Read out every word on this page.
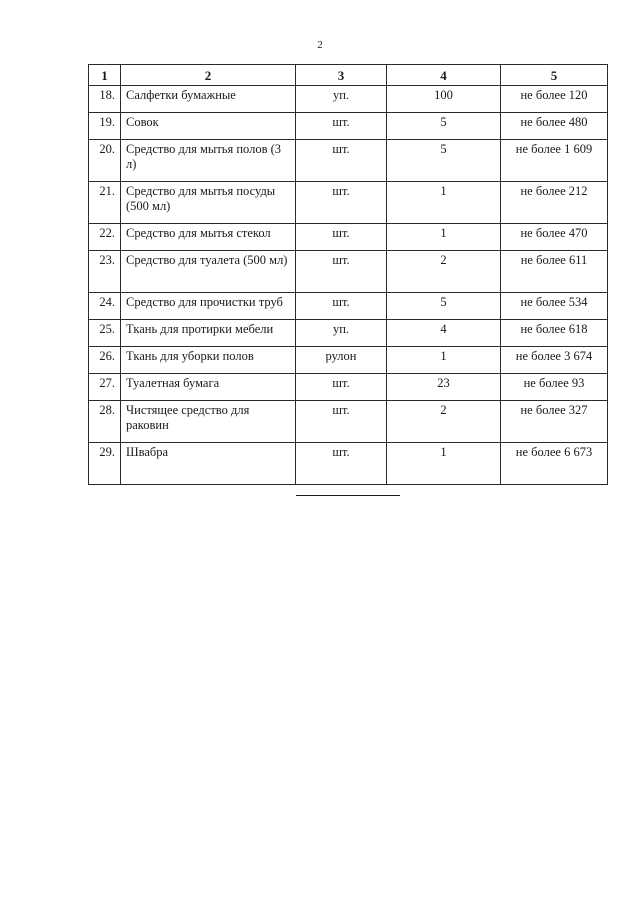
2
1	2	3	4	5
18.	Салфетки бумажные	уп.	100	не более 120
19.	Совок	шт.	5	не более 480
20.	Средство для мытья полов (3 л)	шт.	5	не более 1 609
21.	Средство для мытья посуды (500 мл)	шт.	1	не более 212
22.	Средство для мытья стекол	шт.	1	не более 470
23.	Средство для туалета (500 мл)	шт.	2	не более 611
24.	Средство для прочистки труб	шт.	5	не более 534
25.	Ткань для протирки мебели	уп.	4	не более 618
26.	Ткань для уборки полов	рулон	1	не более 3 674
27.	Туалетная бумага	шт.	23	не более 93
28.	Чистящее средство для раковин	шт.	2	не более 327
29.	Швабра	шт.	1	не более 6 673
